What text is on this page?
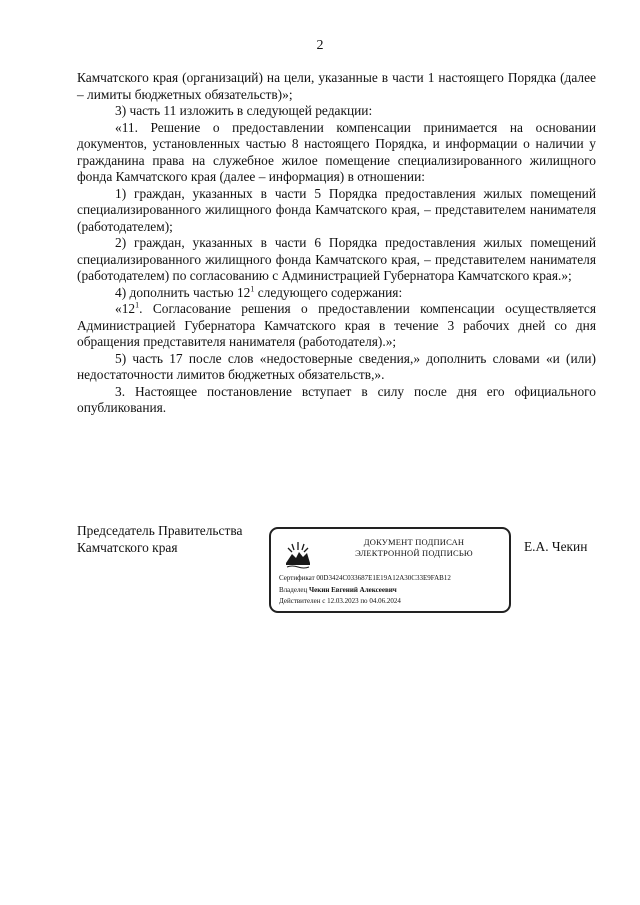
2

Камчатского края (организаций) на цели, указанные в части 1 настоящего Порядка (далее – лимиты бюджетных обязательств)»;

3) часть 11 изложить в следующей редакции:

«11. Решение о предоставлении компенсации принимается на основании документов, установленных частью 8 настоящего Порядка, и информации о наличии у гражданина права на служебное жилое помещение специализированного жилищного фонда Камчатского края (далее – информация) в отношении:

1) граждан, указанных в части 5 Порядка предоставления жилых помещений специализированного жилищного фонда Камчатского края, – представителем нанимателя (работодателем);

2) граждан, указанных в части 6 Порядка предоставления жилых помещений специализированного жилищного фонда Камчатского края, – представителем нанимателя (работодателем) по согласованию с Администрацией Губернатора Камчатского края.»;

4) дополнить частью $12^1$ следующего содержания:

«$12^1$. Согласование решения о предоставлении компенсации осуществляется Администрацией Губернатора Камчатского края в течение 3 рабочих дней со дня обращения представителя нанимателя (работодателя).»;

5) часть 17 после слов «недостоверные сведения,» дополнить словами «и (или) недостаточности лимитов бюджетных обязательств,».

3. Настоящее постановление вступает в силу после дня его официального опубликования.

Председатель Правительства
Камчатского края	ДОКУМЕНТ ПОДПИСАН
ЭЛЕКТРОННОЙ ПОДПИСЬЮ
Сертификат 00D3424C033687E1E19A12A30C33E9FAB12
Владелец Чекин Евгений Алексеевич
Действителен с 12.03.2023 по 04.06.2024
Е.А. Чекин
